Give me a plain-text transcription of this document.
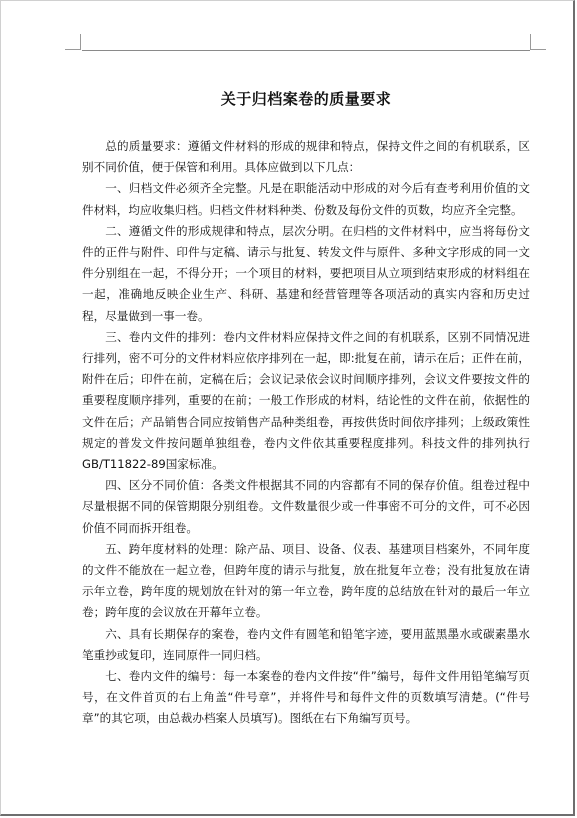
关于归档案卷的质量要求

总的质量要求：遵循文件材料的形成的规律和特点，保持文件之间的有机联系，区别不同价值，便于保管和利用。具体应做到以下几点：

一、归档文件必须齐全完整。凡是在职能活动中形成的对今后有查考利用价值的文件材料，均应收集归档。归档文件材料种类、份数及每份文件的页数，均应齐全完整。

二、遵循文件的形成规律和特点，层次分明。在归档的文件材料中，应当将每份文件的正件与附件、印件与定稿、请示与批复、转发文件与原件、多种文字形成的同一文件分别组在一起，不得分开；一个项目的材料，要把项目从立项到结束形成的材料组在一起，准确地反映企业生产、科研、基建和经营管理等各项活动的真实内容和历史过程，尽量做到一事一卷。

三、卷内文件的排列：卷内文件材料应保持文件之间的有机联系，区别不同情况进行排列，密不可分的文件材料应依序排列在一起，即:批复在前，请示在后；正件在前，附件在后；印件在前，定稿在后；会议记录依会议时间顺序排列，会议文件要按文件的重要程度顺序排列，重要的在前；一般工作形成的材料，结论性的文件在前，依据性的文件在后；产品销售合同应按销售产品种类组卷，再按供货时间依序排列；上级政策性规定的普发文件按问题单独组卷，卷内文件依其重要程度排列。科技文件的排列执行GB/T11822-89国家标准。

四、区分不同价值：各类文件根据其不同的内容都有不同的保存价值。组卷过程中尽量根据不同的保管期限分别组卷。文件数量很少或一件事密不可分的文件，可不必因价值不同而拆开组卷。

五、跨年度材料的处理：除产品、项目、设备、仪表、基建项目档案外，不同年度的文件不能放在一起立卷，但跨年度的请示与批复，放在批复年立卷；没有批复放在请示年立卷，跨年度的规划放在针对的第一年立卷，跨年度的总结放在针对的最后一年立卷；跨年度的会议放在开幕年立卷。

六、具有长期保存的案卷，卷内文件有圆笔和铅笔字迹，要用蓝黑墨水或碳素墨水笔重抄或复印，连同原件一同归档。

七、卷内文件的编号：每一本案卷的卷内文件按“件”编号，每件文件用铅笔编写页号，在文件首页的右上角盖“件号章”，并将件号和每件文件的页数填写清楚。(“件号章”的其它项，由总裁办档案人员填写)。图纸在右下角编写页号。
